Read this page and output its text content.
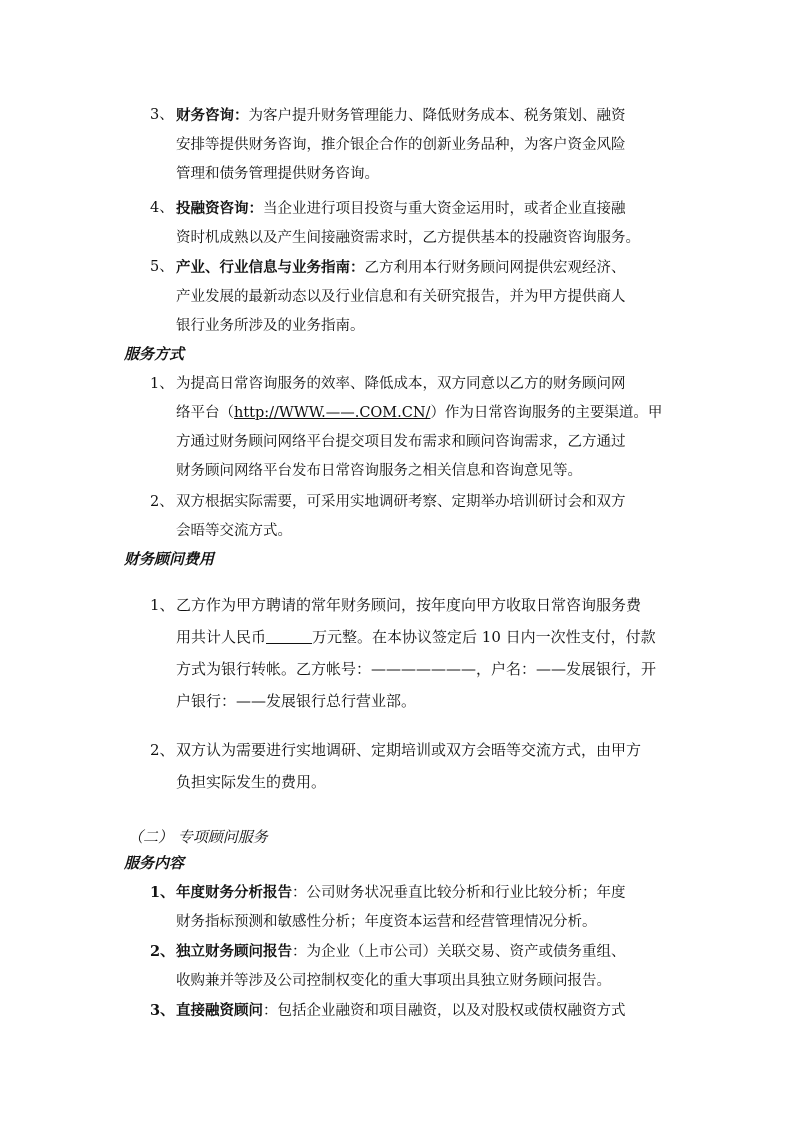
3、 财务咨询：为客户提升财务管理能力、降低财务成本、税务策划、融资
安排等提供财务咨询，推介银企合作的创新业务品种，为客户资金风险
管理和债务管理提供财务咨询。
4、 投融资咨询：当企业进行项目投资与重大资金运用时，或者企业直接融
资时机成熟以及产生间接融资需求时，乙方提供基本的投融资咨询服务。
5、 产业、行业信息与业务指南：乙方利用本行财务顾问网提供宏观经济、
产业发展的最新动态以及行业信息和有关研究报告，并为甲方提供商人
银行业务所涉及的业务指南。
服务方式
1、 为提高日常咨询服务的效率、降低成本，双方同意以乙方的财务顾问网
络平台（http://WWW.——.COM.CN/）作为日常咨询服务的主要渠道。甲
方通过财务顾问网络平台提交项目发布需求和顾问咨询需求，乙方通过
财务顾问网络平台发布日常咨询服务之相关信息和咨询意见等。
2、 双方根据实际需要，可采用实地调研考察、定期举办培训研讨会和双方
会晤等交流方式。
财务顾问费用
1、 乙方作为甲方聘请的常年财务顾问，按年度向甲方收取日常咨询服务费
用共计人民币	万元整。在本协议签定后 10 日内一次性支付，付款
方式为银行转帐。乙方帐号：———————，户名：——发展银行，开
户银行：——发展银行总行营业部。
2、 双方认为需要进行实地调研、定期培训或双方会晤等交流方式，由甲方
负担实际发生的费用。
（二） 专项顾问服务
服务内容
1、 年度财务分析报告：公司财务状况垂直比较分析和行业比较分析；年度
财务指标预测和敏感性分析；年度资本运营和经营管理情况分析。
2、 独立财务顾问报告：为企业（上市公司）关联交易、资产或债务重组、
收购兼并等涉及公司控制权变化的重大事项出具独立财务顾问报告。
3、 直接融资顾问：包括企业融资和项目融资，以及对股权或债权融资方式
